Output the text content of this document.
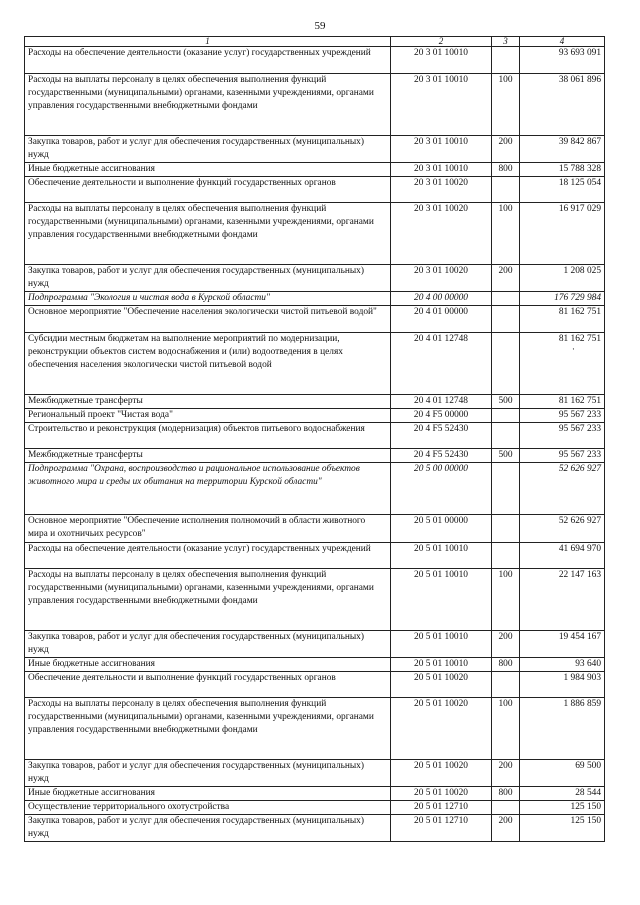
59
1	2	3	4
Расходы на обеспечение деятельности (оказание услуг) государственных учреждений	20 3 01 10010		93 693 091
Расходы на выплаты персоналу в целях обеспечения выполнения функций государственными (муниципальными) органами, казенными учреждениями, органами управления государственными внебюджетными фондами	20 3 01 10010	100	38 061 896
Закупка товаров, работ и услуг для обеспечения государственных (муниципальных) нужд	20 3 01 10010	200	39 842 867
Иные бюджетные ассигнования	20 3 01 10010	800	15 788 328
Обеспечение деятельности и выполнение функций государственных органов	20 3 01 10020		18 125 054
Расходы на выплаты персоналу в целях обеспечения выполнения функций государственными (муниципальными) органами, казенными учреждениями, органами управления государственными внебюджетными фондами	20 3 01 10020	100	16 917 029
Закупка товаров, работ и услуг для обеспечения государственных (муниципальных) нужд	20 3 01 10020	200	1 208 025
Подпрограмма "Экология и чистая вода в Курской области"	20 4 00 00000		176 729 984
Основное мероприятие "Обеспечение населения экологически чистой питьевой водой"	20 4 01 00000		81 162 751
Субсидии местным бюджетам на выполнение мероприятий по модернизации, реконструкции объектов систем водоснабжения и (или) водоотведения в целях обеспечения населения экологически чистой питьевой водой	20 4 01 12748		81 162 751
·

Межбюджетные трансферты	20 4 01 12748	500	81 162 751
Региональный проект "Чистая вода"	20 4 F5 00000		95 567 233
Строительство и реконструкция (модернизация) объектов питьевого водоснабжения	20 4 F5 52430		95 567 233
Межбюджетные трансферты	20 4 F5 52430	500	95 567 233
Подпрограмма "Охрана, воспроизводство и рациональное использование объектов животного мира и среды их обитания на территории Курской области"	20 5 00 00000		52 626 927
Основное мероприятие "Обеспечение исполнения полномочий в области животного мира и охотничьих ресурсов"	20 5 01 00000		52 626 927
Расходы на обеспечение деятельности (оказание услуг) государственных учреждений	20 5 01 10010		41 694 970
Расходы на выплаты персоналу в целях обеспечения выполнения функций государственными (муниципальными) органами, казенными учреждениями, органами управления государственными внебюджетными фондами	20 5 01 10010	100	22 147 163
Закупка товаров, работ и услуг для обеспечения государственных (муниципальных) нужд	20 5 01 10010	200	19 454 167
Иные бюджетные ассигнования	20 5 01 10010	800	93 640
Обеспечение деятельности и выполнение функций государственных органов	20 5 01 10020		1 984 903
Расходы на выплаты персоналу в целях обеспечения выполнения функций государственными (муниципальными) органами, казенными учреждениями, органами управления государственными внебюджетными фондами	20 5 01 10020	100	1 886 859
Закупка товаров, работ и услуг для обеспечения государственных (муниципальных) нужд	20 5 01 10020	200	69 500
Иные бюджетные ассигнования	20 5 01 10020	800	28 544
Осуществление территориального охотустройства	20 5 01 12710		125 150
Закупка товаров, работ и услуг для обеспечения государственных (муниципальных) нужд	20 5 01 12710	200	125 150
